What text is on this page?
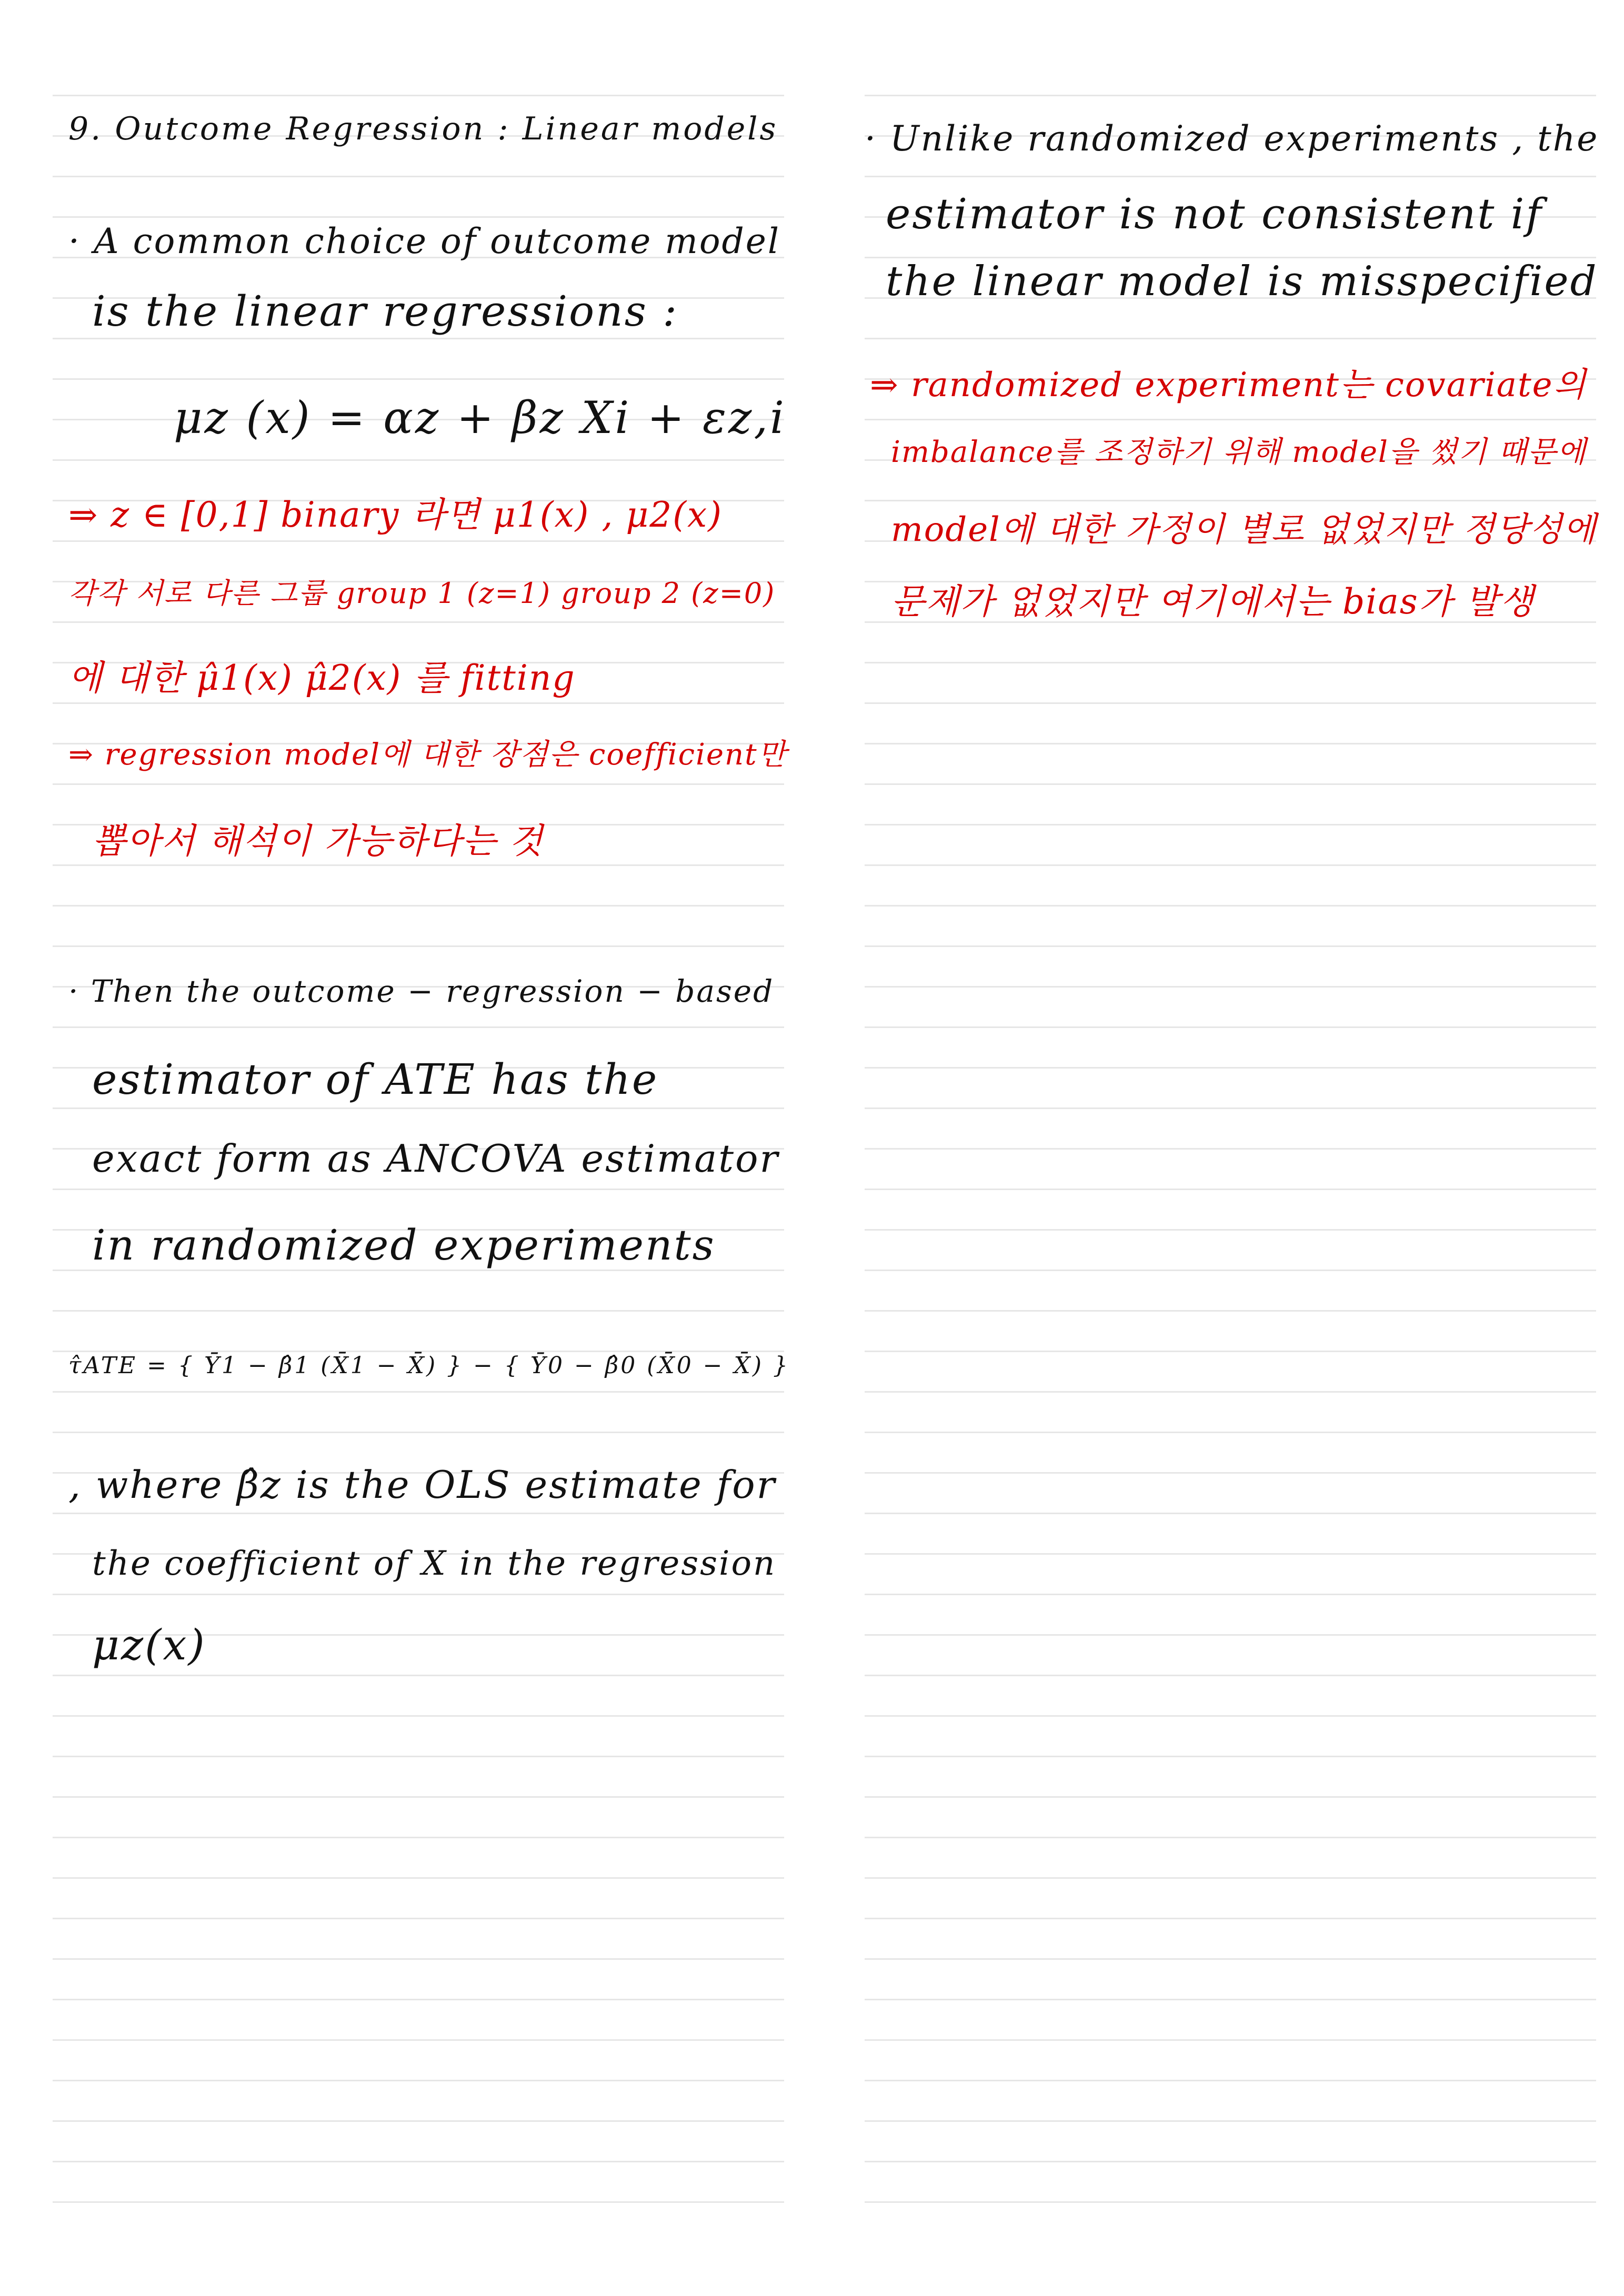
9. Outcome Regression : Linear models
· A common choice of outcome model
is the linear regressions :
μz (x) = αz + βz Xi + εz,i
⇒ z ∈ [0,1] binary 라면 μ1(x) , μ2(x)
각각 서로 다른 그룹 group 1 (z=1) group 2 (z=0)
에 대한 μ̂1(x) μ̂2(x) 를 fitting
⇒ regression model에 대한 장점은 coefficient만
뽑아서 해석이 가능하다는 것
· Then the outcome − regression − based
estimator of ATE has the
exact form as ANCOVA estimator
in randomized experiments
τ̂ATE = { Ȳ1 − β̂1 (X̄1 − X̄) } − { Ȳ0 − β̂0 (X̄0 − X̄) }
, where β̂z is the OLS estimate for
the coefficient of X in the regression
μz(x)
· Unlike randomized experiments , the
estimator is not consistent if
the linear model is misspecified
⇒ randomized experiment는 covariate의
imbalance를 조정하기 위해 model을 썼기 때문에
model에 대한 가정이 별로 없었지만 정당성에
문제가 없었지만 여기에서는 bias가 발생
